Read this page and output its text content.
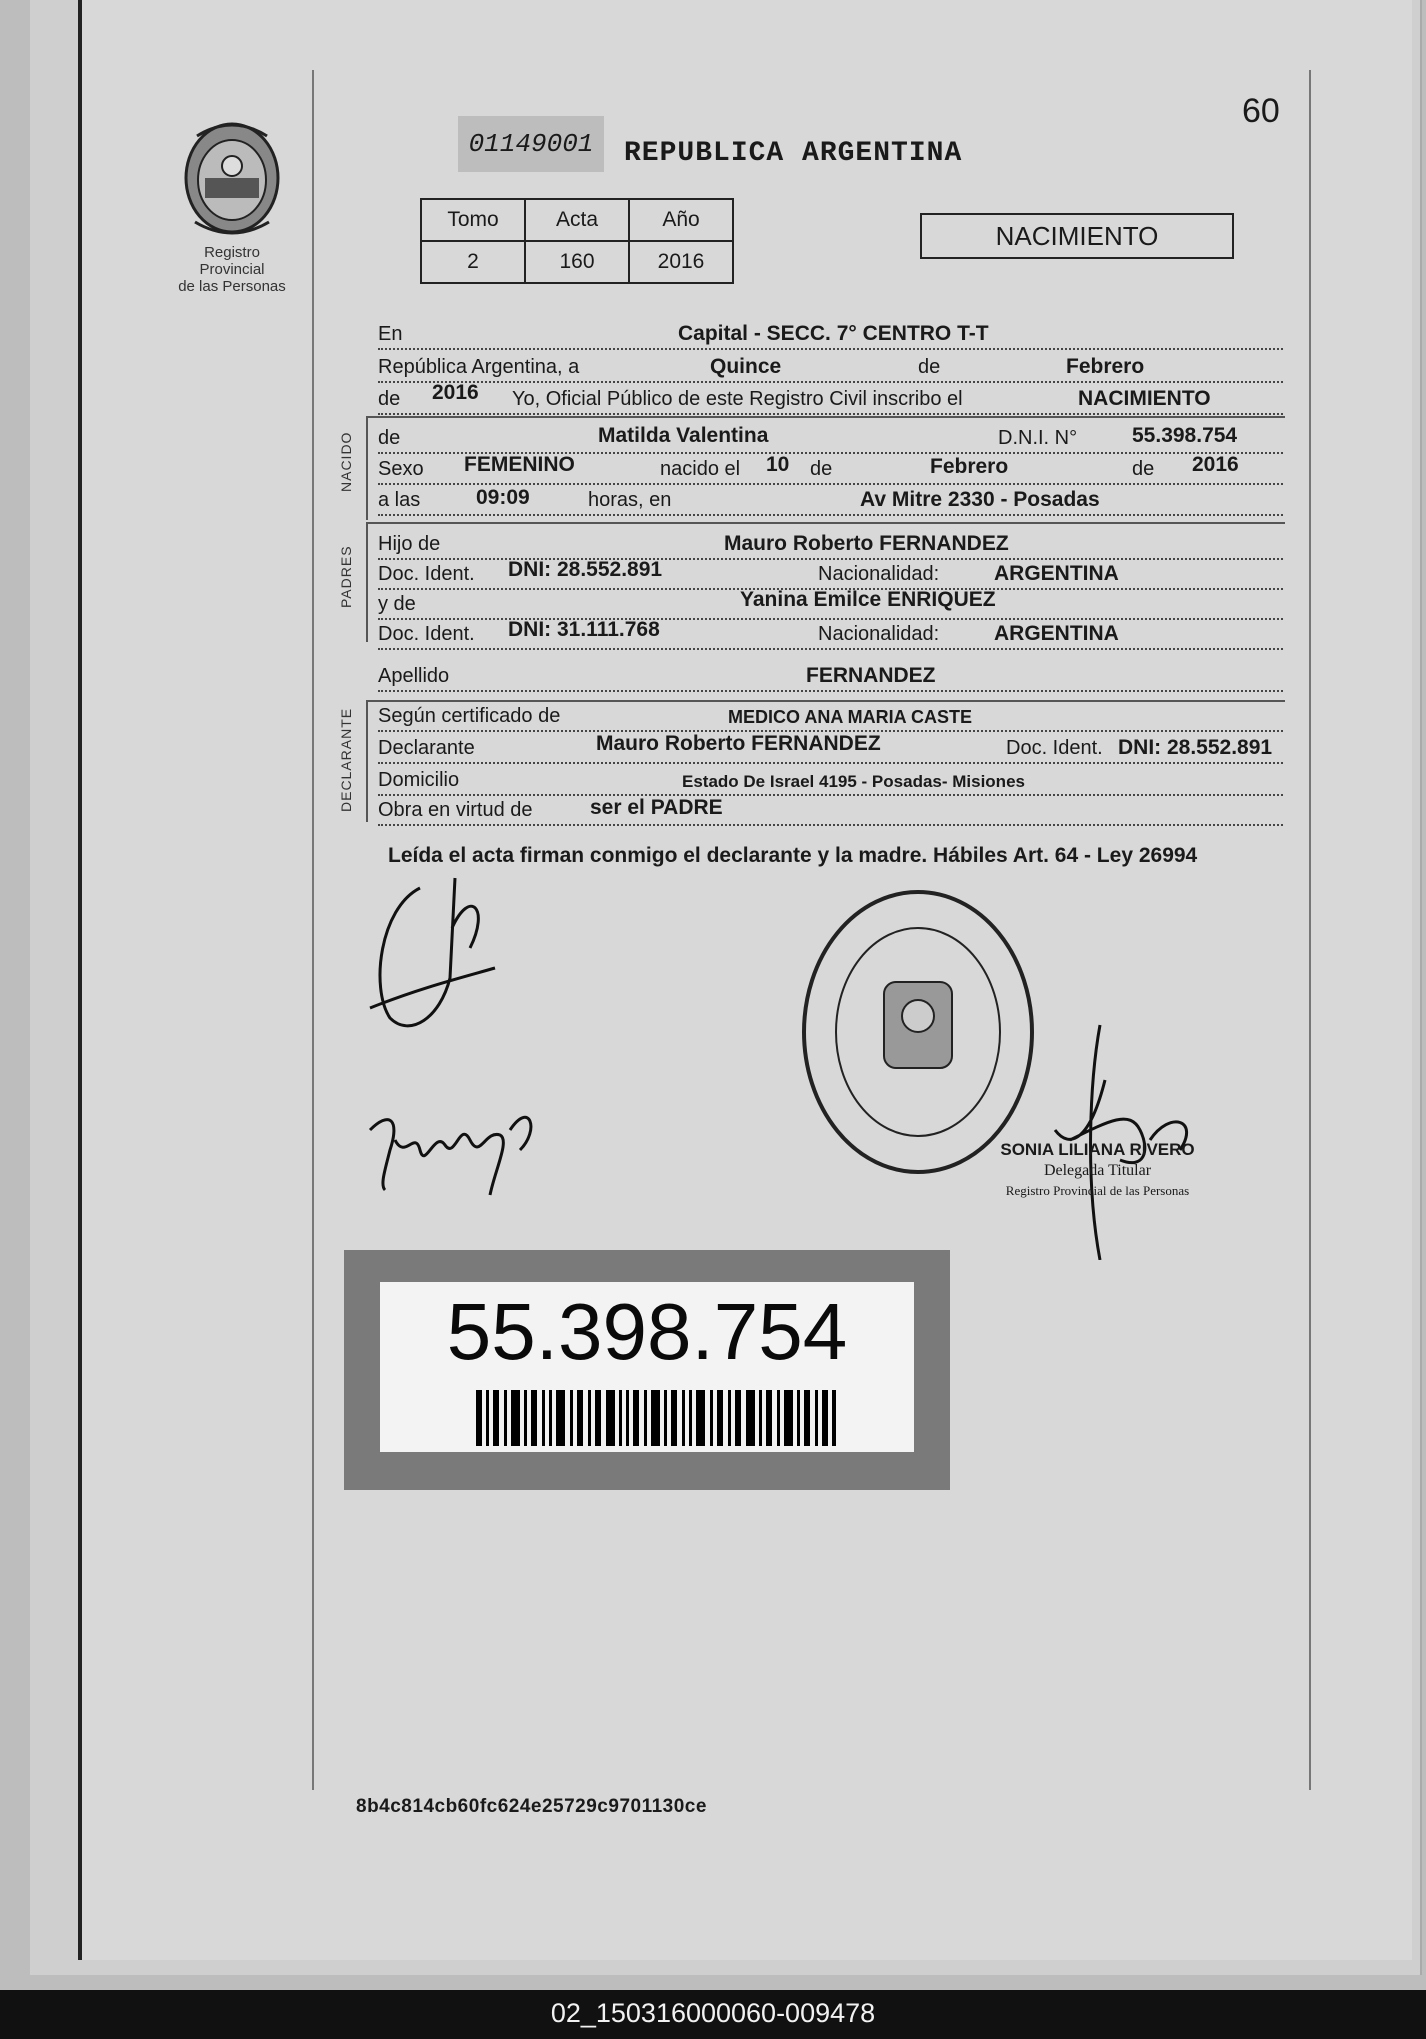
60
Registro Provincial
de las Personas
01149001	REPUBLICA ARGENTINA
Tomo	Acta	Año
2	160	2016
NACIMIENTO
En	Capital - SECC. 7° CENTRO T-T
República Argentina, a	Quince	de	Febrero
de 2016 Yo, Oficial Público de este Registro Civil inscribo el	NACIMIENTO
NACIDO de	Matilda Valentina	D.N.I. N°	55.398.754
Sexo FEMENINO	nacido el 10 de	Febrero	de 2016
a las	09:09	horas, en	Av Mitre 2330 - Posadas
PADRES
Hijo de	Mauro Roberto FERNANDEZ
Doc. Ident. DNI: 28.552.891	Nacionalidad:	ARGENTINA
y de	Yanina Emilce ENRIQUEZ
Doc. Ident. DNI: 31.111.768	Nacionalidad:	ARGENTINA
Apellido	FERNANDEZ
DECLARANTE Según certificado de	MEDICO ANA MARIA CASTE
Declarante	Mauro Roberto FERNANDEZ	Doc. Ident. DNI: 28.552.891
Domicilio	Estado De Israel 4195 - Posadas- Misiones
Obra en virtud de	ser el PADRE
Leída el acta firman conmigo el declarante y la madre. Hábiles Art. 64 - Ley 26994
SONIA LILIANA RIVERO
Delegada Titular
Registro Provincial de las Personas
55.398.754
8b4c814cb60fc624e25729c9701130ce
02_150316000060-009478
